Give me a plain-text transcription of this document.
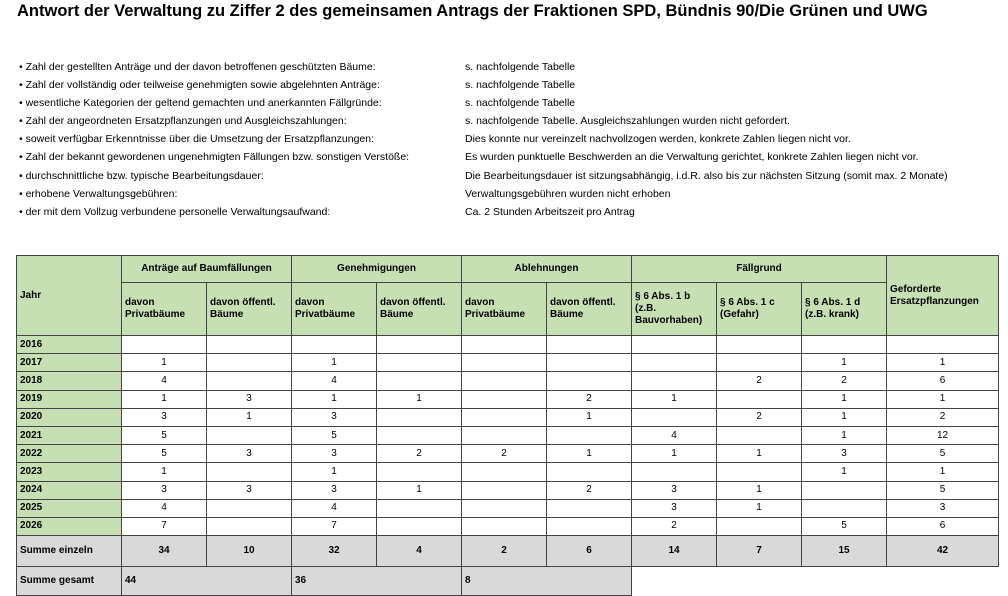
Antwort der Verwaltung zu Ziffer 2 des gemeinsamen Antrags der Fraktionen SPD, Bündnis 90/Die Grünen und UWG
• Zahl der gestellten Anträge und der davon betroffenen geschützten Bäume:	s. nachfolgende Tabelle
• Zahl der vollständig oder teilweise genehmigten sowie abgelehnten Anträge:	s. nachfolgende Tabelle
• wesentliche Kategorien der geltend gemachten und anerkannten Fällgründe:	s. nachfolgende Tabelle
• Zahl der angeordneten Ersatzpflanzungen und Ausgleichszahlungen:	s. nachfolgende Tabelle. Ausgleichszahlungen wurden nicht gefordert.
• soweit verfügbar Erkenntnisse über die Umsetzung der Ersatzpflanzungen:	Dies konnte nur vereinzelt nachvollzogen werden, konkrete Zahlen liegen nicht vor.
• Zahl der bekannt gewordenen ungenehmigten Fällungen bzw. sonstigen Verstöße:	Es wurden punktuelle Beschwerden an die Verwaltung gerichtet, konkrete Zahlen liegen nicht vor.
• durchschnittliche bzw. typische Bearbeitungsdauer:	Die Bearbeitungsdauer ist sitzungsabhängig, i.d.R. also bis zur nächsten Sitzung (somit max. 2 Monate)
• erhobene Verwaltungsgebühren:	Verwaltungsgebühren wurden nicht erhoben
• der mit dem Vollzug verbundene personelle Verwaltungsaufwand:	Ca. 2 Stunden Arbeitszeit pro Antrag
Jahr	Anträge auf Baumfällungen		Genehmigungen		Ablehnungen		Fällgrund			Geforderte Ersatzpflanzungen
	davon Privatbäume	davon öffentl. Bäume	davon Privatbäume	davon öffentl. Bäume	davon Privatbäume	davon öffentl. Bäume	§ 6 Abs. 1 b (z.B. Bauvorhaben)	§ 6 Abs. 1 c (Gefahr)	§ 6 Abs. 1 d (z.B. krank)	
2016										
2017	1		1						1	1
2018	4		4					2	2	6
2019	1	3	1	1		2	1		1	1
2020	3	1	3			1		2	1	2
2021	5		5				4		1	12
2022	5	3	3	2	2	1	1	1	3	5
2023	1		1						1	1
2024	3	3	3	1		2	3	1		5
2025	4		4				3	1		3
2026	7		7				2		5	6
Summe einzeln	34	10	32	4	2	6	14	7	15	42
Summe gesamt	44		36		8					
